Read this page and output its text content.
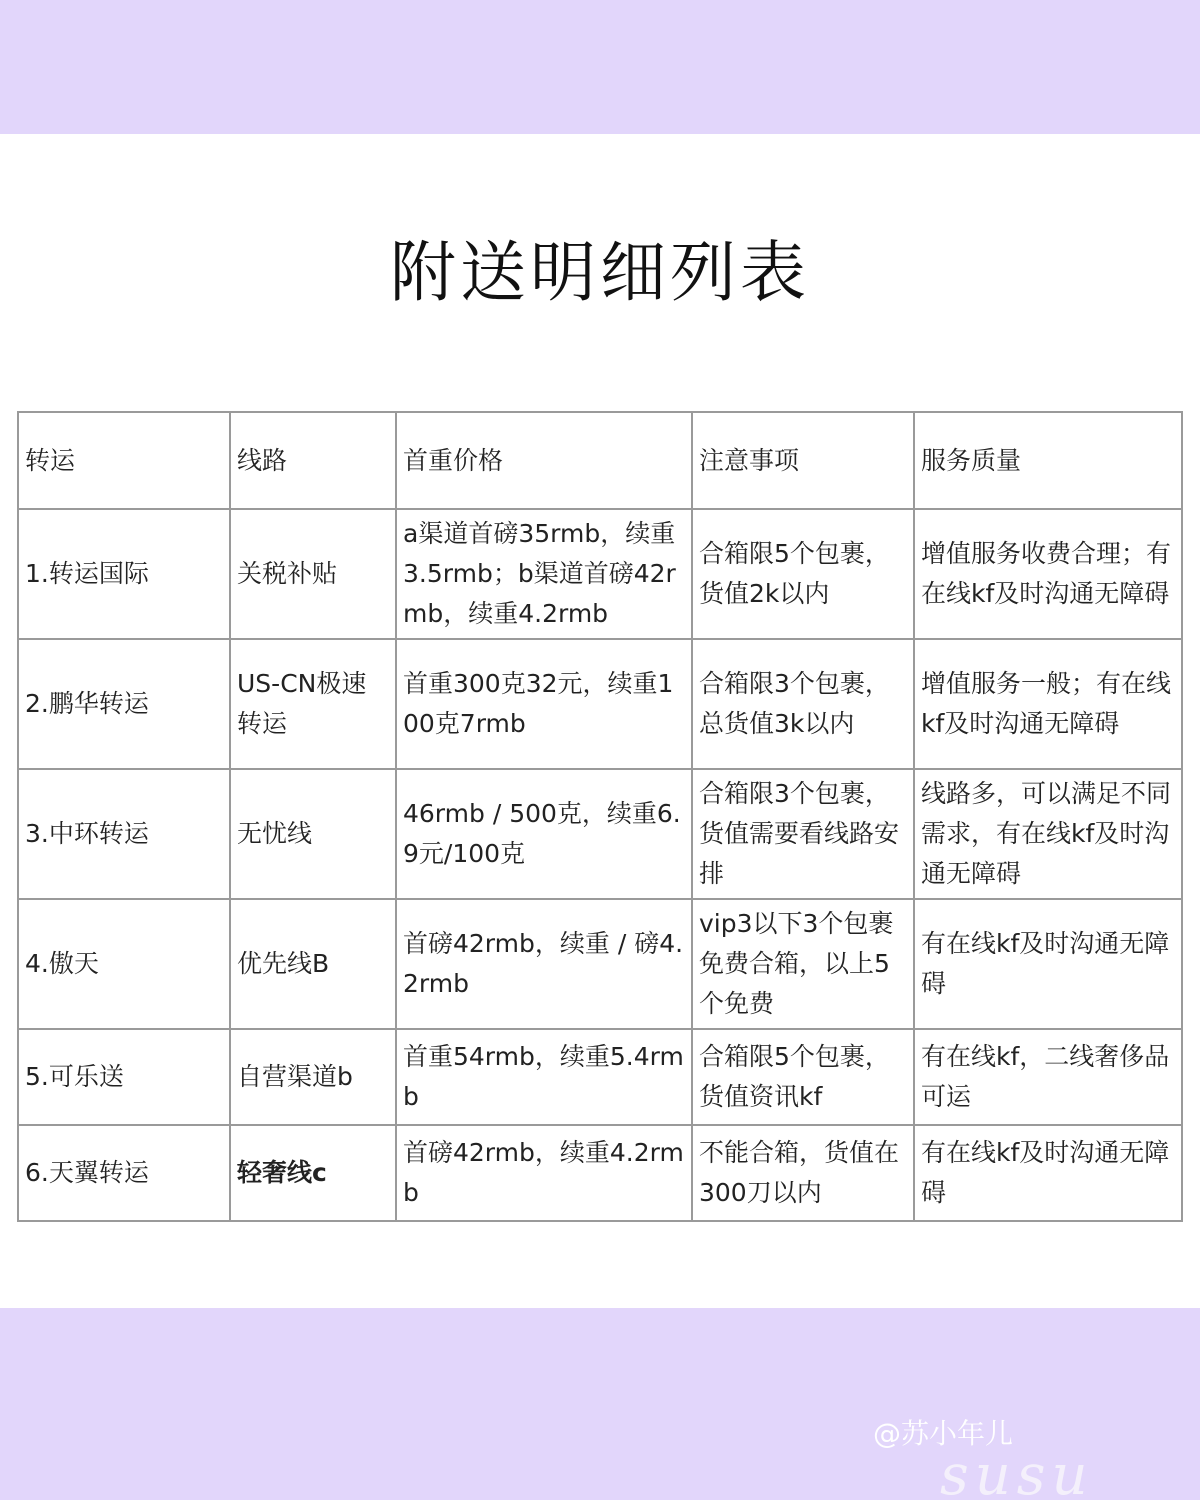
附送明细列表
转运	线路	首重价格	注意事项	服务质量
1.转运国际	关税补贴	a渠道首磅35rmb，续重3.5rmb；b渠道首磅42rmb，续重4.2rmb	合箱限5个包裹，货值2k以内	增值服务收费合理；有在线kf及时沟通无障碍
2.鹏华转运	US-CN极速转运	首重300克32元，续重100克7rmb	合箱限3个包裹，总货值3k以内	增值服务一般；有在线kf及时沟通无障碍
3.中环转运	无忧线	46rmb / 500克，续重6.9元/100克	合箱限3个包裹，货值需要看线路安排	线路多，可以满足不同需求，有在线kf及时沟通无障碍
4.傲天	优先线B	首磅42rmb，续重 / 磅4.2rmb	vip3以下3个包裹免费合箱，以上5个免费	有在线kf及时沟通无障碍
5.可乐送	自营渠道b	首重54rmb，续重5.4rmb	合箱限5个包裹，货值资讯kf	有在线kf，二线奢侈品可运
6.天翼转运	轻奢线c	首磅42rmb，续重4.2rmb	不能合箱，货值在300刀以内	有在线kf及时沟通无障碍
@苏小年儿
susu
